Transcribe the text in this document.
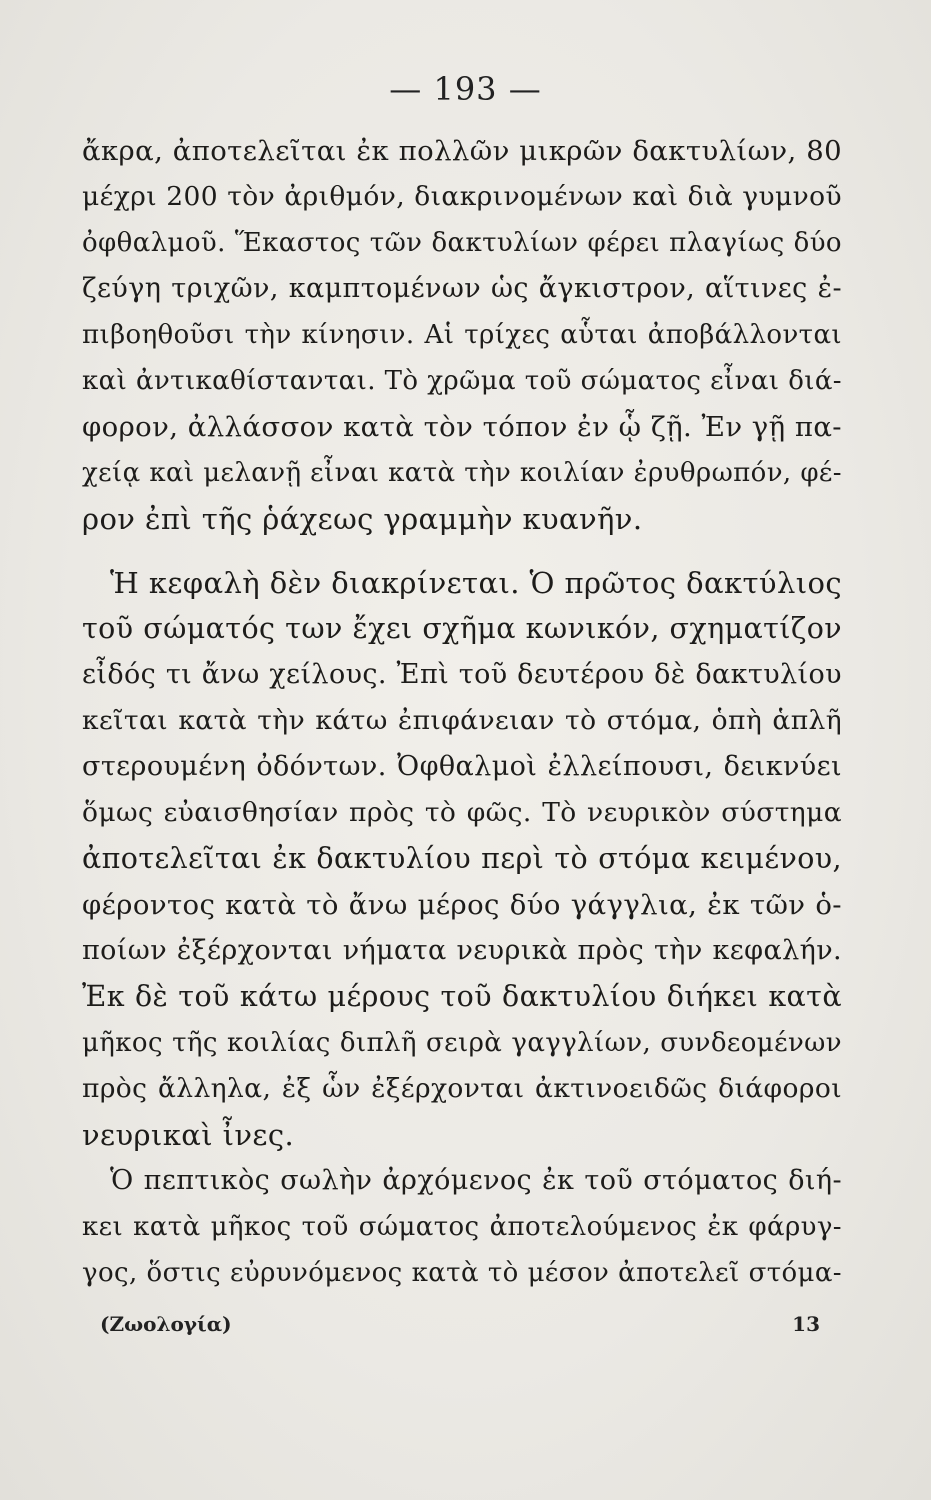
— 193 —
ἄκρα, ἀποτελεῖται ἐκ πολλῶν μικρῶν δακτυλίων, 80
μέχρι 200 τὸν ἀριθμόν, διακρινομένων καὶ διὰ γυμνοῦ
ὀφθαλμοῦ. Ἕκαστος τῶν δακτυλίων φέρει πλαγίως δύο
ζεύγη τριχῶν, καμπτομένων ὡς ἄγκιστρον, αἵτινες ἐ-
πιβοηθοῦσι τὴν κίνησιν. Αἱ τρίχες αὗται ἀποβάλλονται
καὶ ἀντικαθίστανται. Τὸ χρῶμα τοῦ σώματος εἶναι διά-
φορον, ἀλλάσσον κατὰ τὸν τόπον ἐν ᾧ ζῇ. Ἐν γῇ πα-
χείᾳ καὶ μελανῇ εἶναι κατὰ τὴν κοιλίαν ἐρυθρωπόν, φέ-
ρον ἐπὶ τῆς ῥάχεως γραμμὴν κυανῆν.
Ἡ κεφαλὴ δὲν διακρίνεται. Ὁ πρῶτος δακτύλιος
τοῦ σώματός των ἔχει σχῆμα κωνικόν, σχηματίζον
εἶδός τι ἄνω χείλους. Ἐπὶ τοῦ δευτέρου δὲ δακτυλίου
κεῖται κατὰ τὴν κάτω ἐπιφάνειαν τὸ στόμα, ὁπὴ ἁπλῆ
στερουμένη ὀδόντων. Ὀφθαλμοὶ ἐλλείπουσι, δεικνύει
ὅμως εὐαισθησίαν πρὸς τὸ φῶς. Τὸ νευρικὸν σύστημα
ἀποτελεῖται ἐκ δακτυλίου περὶ τὸ στόμα κειμένου,
φέροντος κατὰ τὸ ἄνω μέρος δύο γάγγλια, ἐκ τῶν ὁ-
ποίων ἐξέρχονται νήματα νευρικὰ πρὸς τὴν κεφαλήν.
Ἐκ δὲ τοῦ κάτω μέρους τοῦ δακτυλίου διήκει κατὰ
μῆκος τῆς κοιλίας διπλῆ σειρὰ γαγγλίων, συνδεομένων
πρὸς ἄλληλα, ἐξ ὧν ἐξέρχονται ἀκτινοειδῶς διάφοροι
νευρικαὶ ἶνες.
Ὁ πεπτικὸς σωλὴν ἀρχόμενος ἐκ τοῦ στόματος διή-
κει κατὰ μῆκος τοῦ σώματος ἀποτελούμενος ἐκ φάρυγ-
γος, ὅστις εὐρυνόμενος κατὰ τὸ μέσον ἀποτελεῖ στόμα-
(Ζωολογία)	13
